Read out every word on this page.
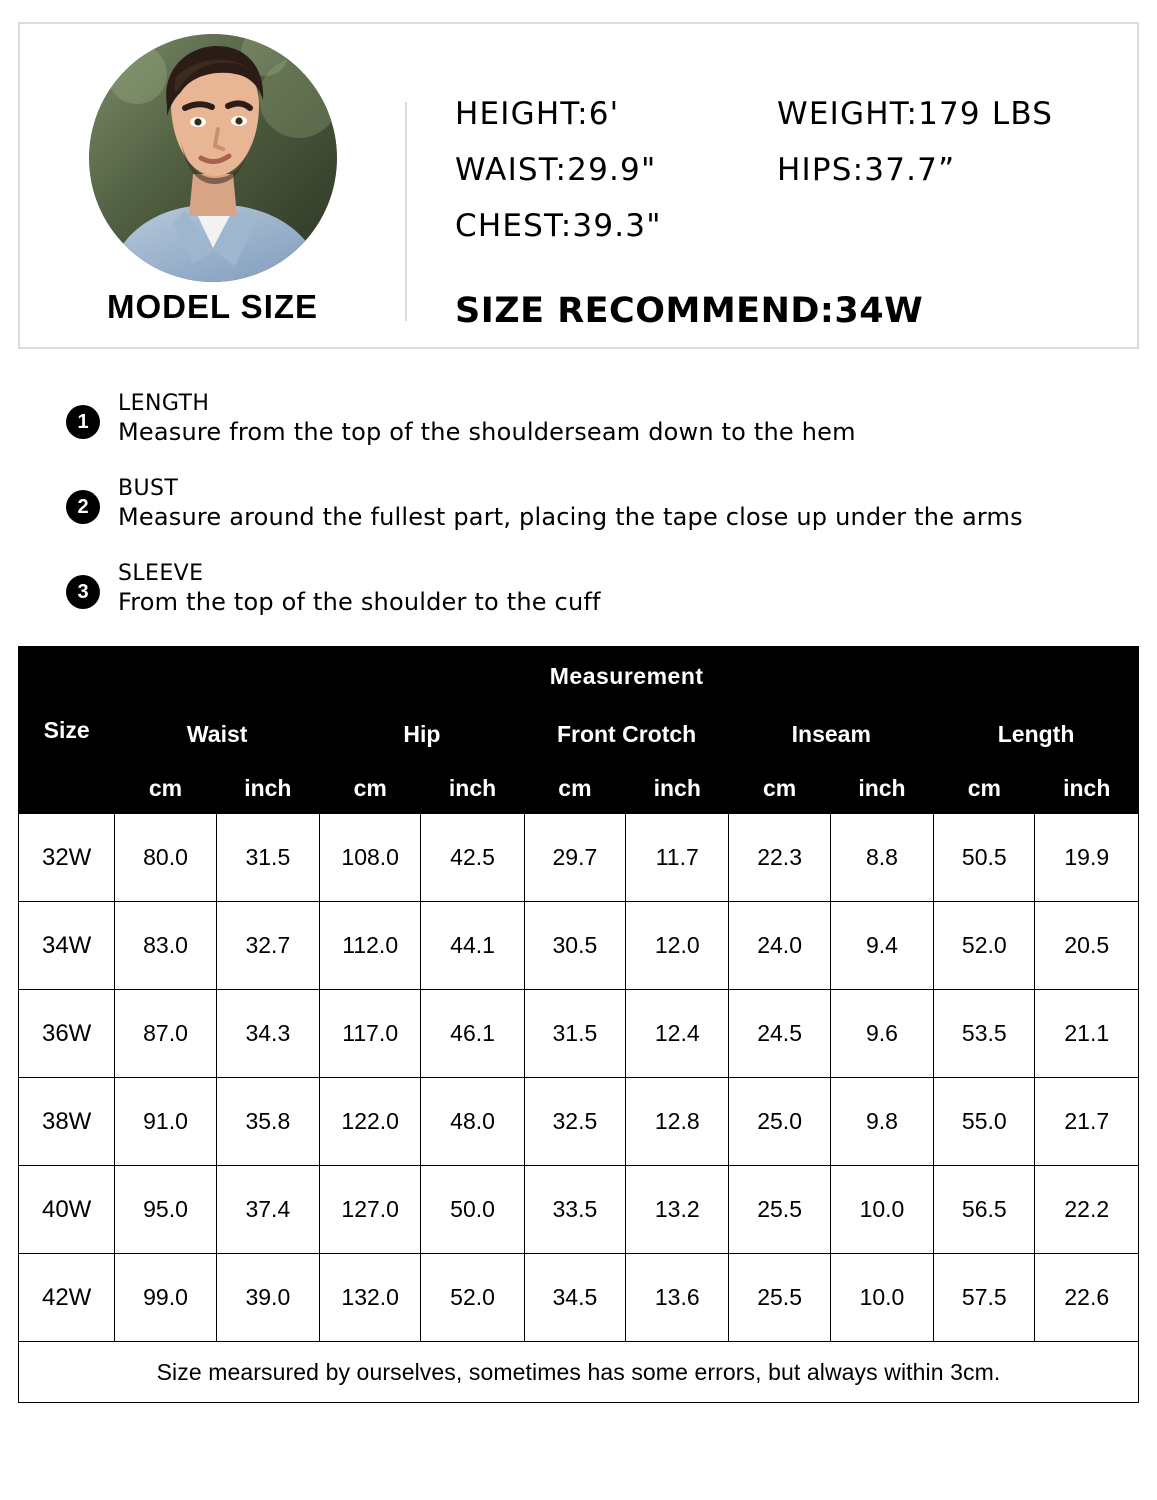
MODEL SIZE
HEIGHT:6'	WEIGHT:179 LBS
WAIST:29.9"	HIPS:37.7”
CHEST:39.3"
SIZE RECOMMEND:34W
1
LENGTH
Measure from the top of the shoulderseam down to the hem
2
BUST
Measure around the fullest part, placing the tape close up under the arms
3
SLEEVE
From the top of the shoulder to the cuff
Size	Measurement									
	Waist		Hip		Front Crotch		Inseam		Length	
	cm	inch	cm	inch	cm	inch	cm	inch	cm	inch
32W	80.0	31.5	108.0	42.5	29.7	11.7	22.3	8.8	50.5	19.9
34W	83.0	32.7	112.0	44.1	30.5	12.0	24.0	9.4	52.0	20.5
36W	87.0	34.3	117.0	46.1	31.5	12.4	24.5	9.6	53.5	21.1
38W	91.0	35.8	122.0	48.0	32.5	12.8	25.0	9.8	55.0	21.7
40W	95.0	37.4	127.0	50.0	33.5	13.2	25.5	10.0	56.5	22.2
42W	99.0	39.0	132.0	52.0	34.5	13.6	25.5	10.0	57.5	22.6
Size mearsured by ourselves, sometimes has some errors, but always within 3cm.										
